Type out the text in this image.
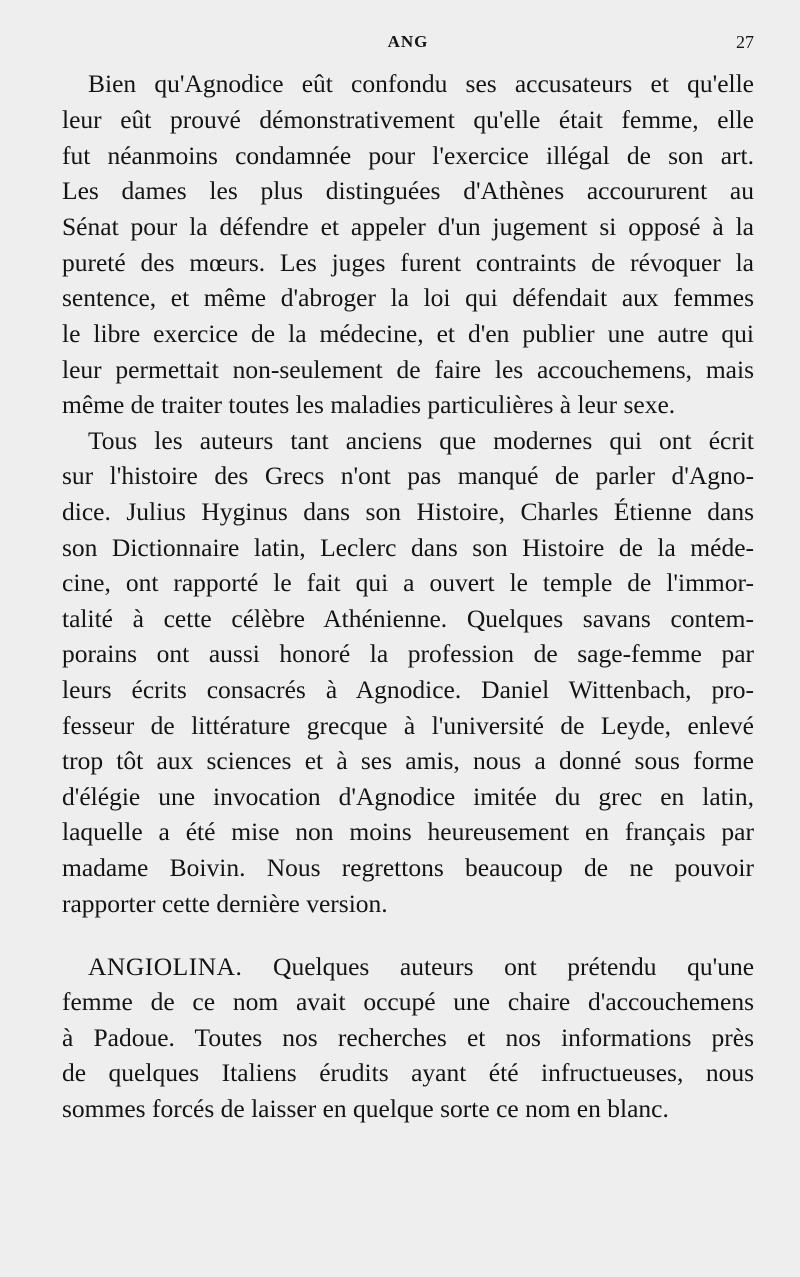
ANG	27
Bien qu'Agnodice eût confondu ses accusateurs et qu'elle
leur eût prouvé démonstrativement qu'elle était femme, elle
fut néanmoins condamnée pour l'exercice illégal de son art.
Les dames les plus distinguées d'Athènes accoururent au
Sénat pour la défendre et appeler d'un jugement si opposé à la
pureté des mœurs. Les juges furent contraints de révoquer la
sentence, et même d'abroger la loi qui défendait aux femmes
le libre exercice de la médecine, et d'en publier une autre qui
leur permettait non-seulement de faire les accouchemens, mais
même de traiter toutes les maladies particulières à leur sexe.
Tous les auteurs tant anciens que modernes qui ont écrit
sur l'histoire des Grecs n'ont pas manqué de parler d'Agno-
dice. Julius Hyginus dans son Histoire, Charles Étienne dans
son Dictionnaire latin, Leclerc dans son Histoire de la méde-
cine, ont rapporté le fait qui a ouvert le temple de l'immor-
talité à cette célèbre Athénienne. Quelques savans contem-
porains ont aussi honoré la profession de sage-femme par
leurs écrits consacrés à Agnodice. Daniel Wittenbach, pro-
fesseur de littérature grecque à l'université de Leyde, enlevé
trop tôt aux sciences et à ses amis, nous a donné sous forme
d'élégie une invocation d'Agnodice imitée du grec en latin,
laquelle a été mise non moins heureusement en français par
madame Boivin. Nous regrettons beaucoup de ne pouvoir
rapporter cette dernière version.
ANGIOLINA. Quelques auteurs ont prétendu qu'une
femme de ce nom avait occupé une chaire d'accouchemens
à Padoue. Toutes nos recherches et nos informations près
de quelques Italiens érudits ayant été infructueuses, nous
sommes forcés de laisser en quelque sorte ce nom en blanc.
